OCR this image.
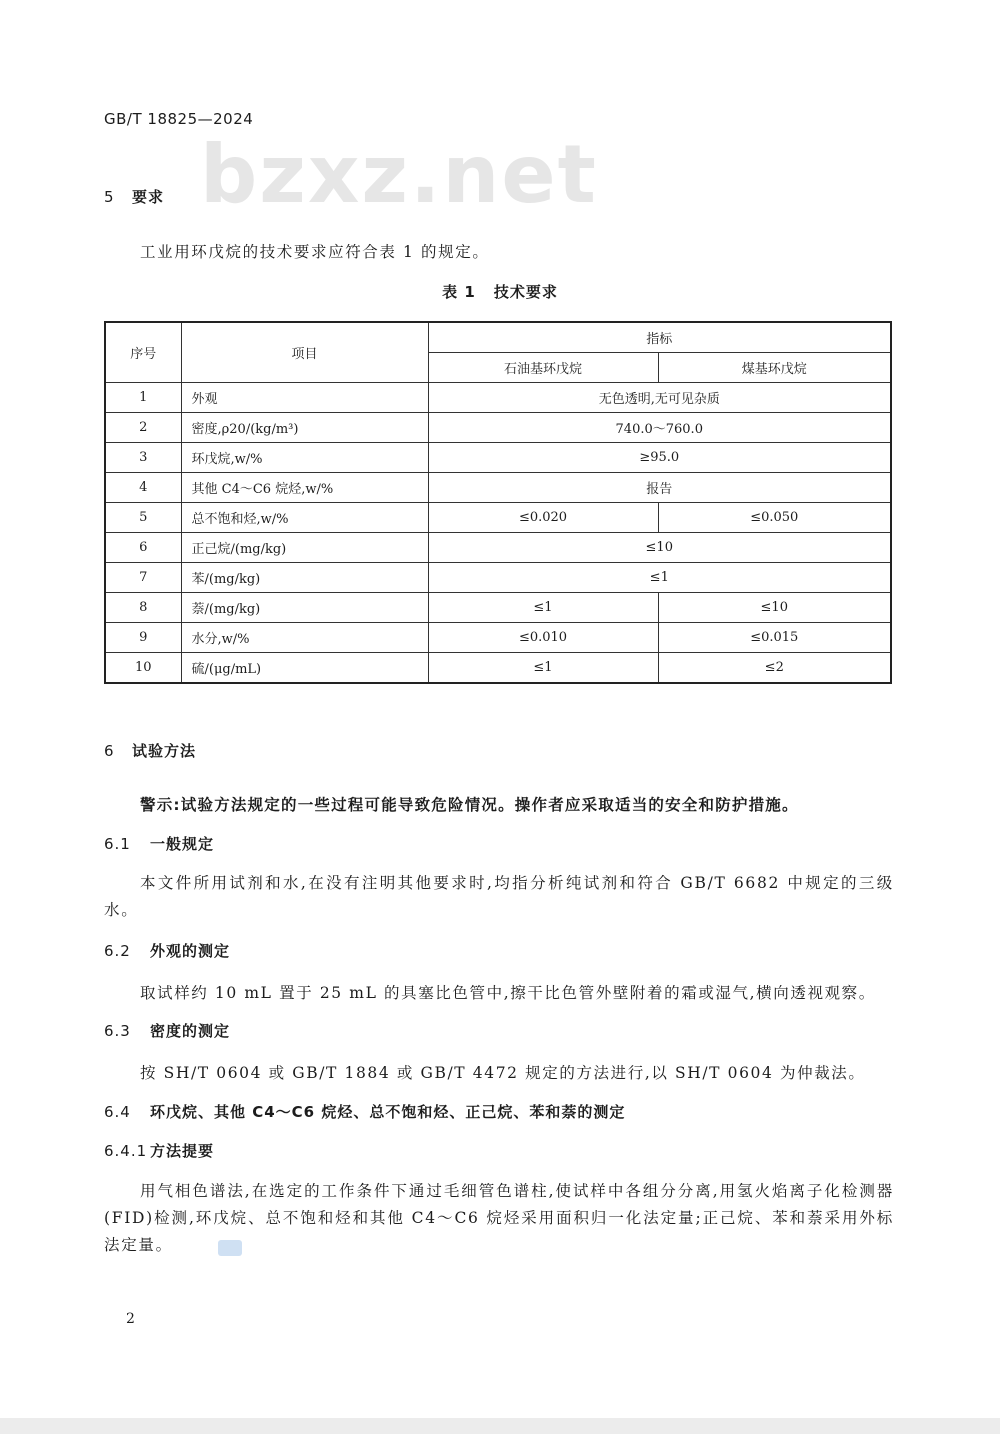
GB/T 18825—2024
bzxz.net
5 要求
工业用环戊烷的技术要求应符合表 1 的规定。
表 1 技术要求
序号	项目	指标	
		石油基环戊烷	煤基环戊烷
1	外观	无色透明,无可见杂质	
2	密度,ρ20/(kg/m³)	740.0～760.0	
3	环戊烷,w/%	≥95.0	
4	其他 C4～C6 烷烃,w/%	报告	
5	总不饱和烃,w/%	≤0.020	≤0.050
6	正己烷/(mg/kg)	≤10	
7	苯/(mg/kg)	≤1	
8	萘/(mg/kg)	≤1	≤10
9	水分,w/%	≤0.010	≤0.015
10	硫/(μg/mL)	≤1	≤2
6 试验方法
警示:试验方法规定的一些过程可能导致危险情况。操作者应采取适当的安全和防护措施。
6.1 一般规定
本文件所用试剂和水,在没有注明其他要求时,均指分析纯试剂和符合 GB/T 6682 中规定的三级水。
6.2 外观的测定
取试样约 10 mL 置于 25 mL 的具塞比色管中,擦干比色管外壁附着的霜或湿气,横向透视观察。
6.3 密度的测定
按 SH/T 0604 或 GB/T 1884 或 GB/T 4472 规定的方法进行,以 SH/T 0604 为仲裁法。
6.4 环戊烷、其他 C4～C6 烷烃、总不饱和烃、正己烷、苯和萘的测定
6.4.1 方法提要
用气相色谱法,在选定的工作条件下通过毛细管色谱柱,使试样中各组分分离,用氢火焰离子化检测器(FID)检测,环戊烷、总不饱和烃和其他 C4～C6 烷烃采用面积归一化法定量;正己烷、苯和萘采用外标法定量。
2
